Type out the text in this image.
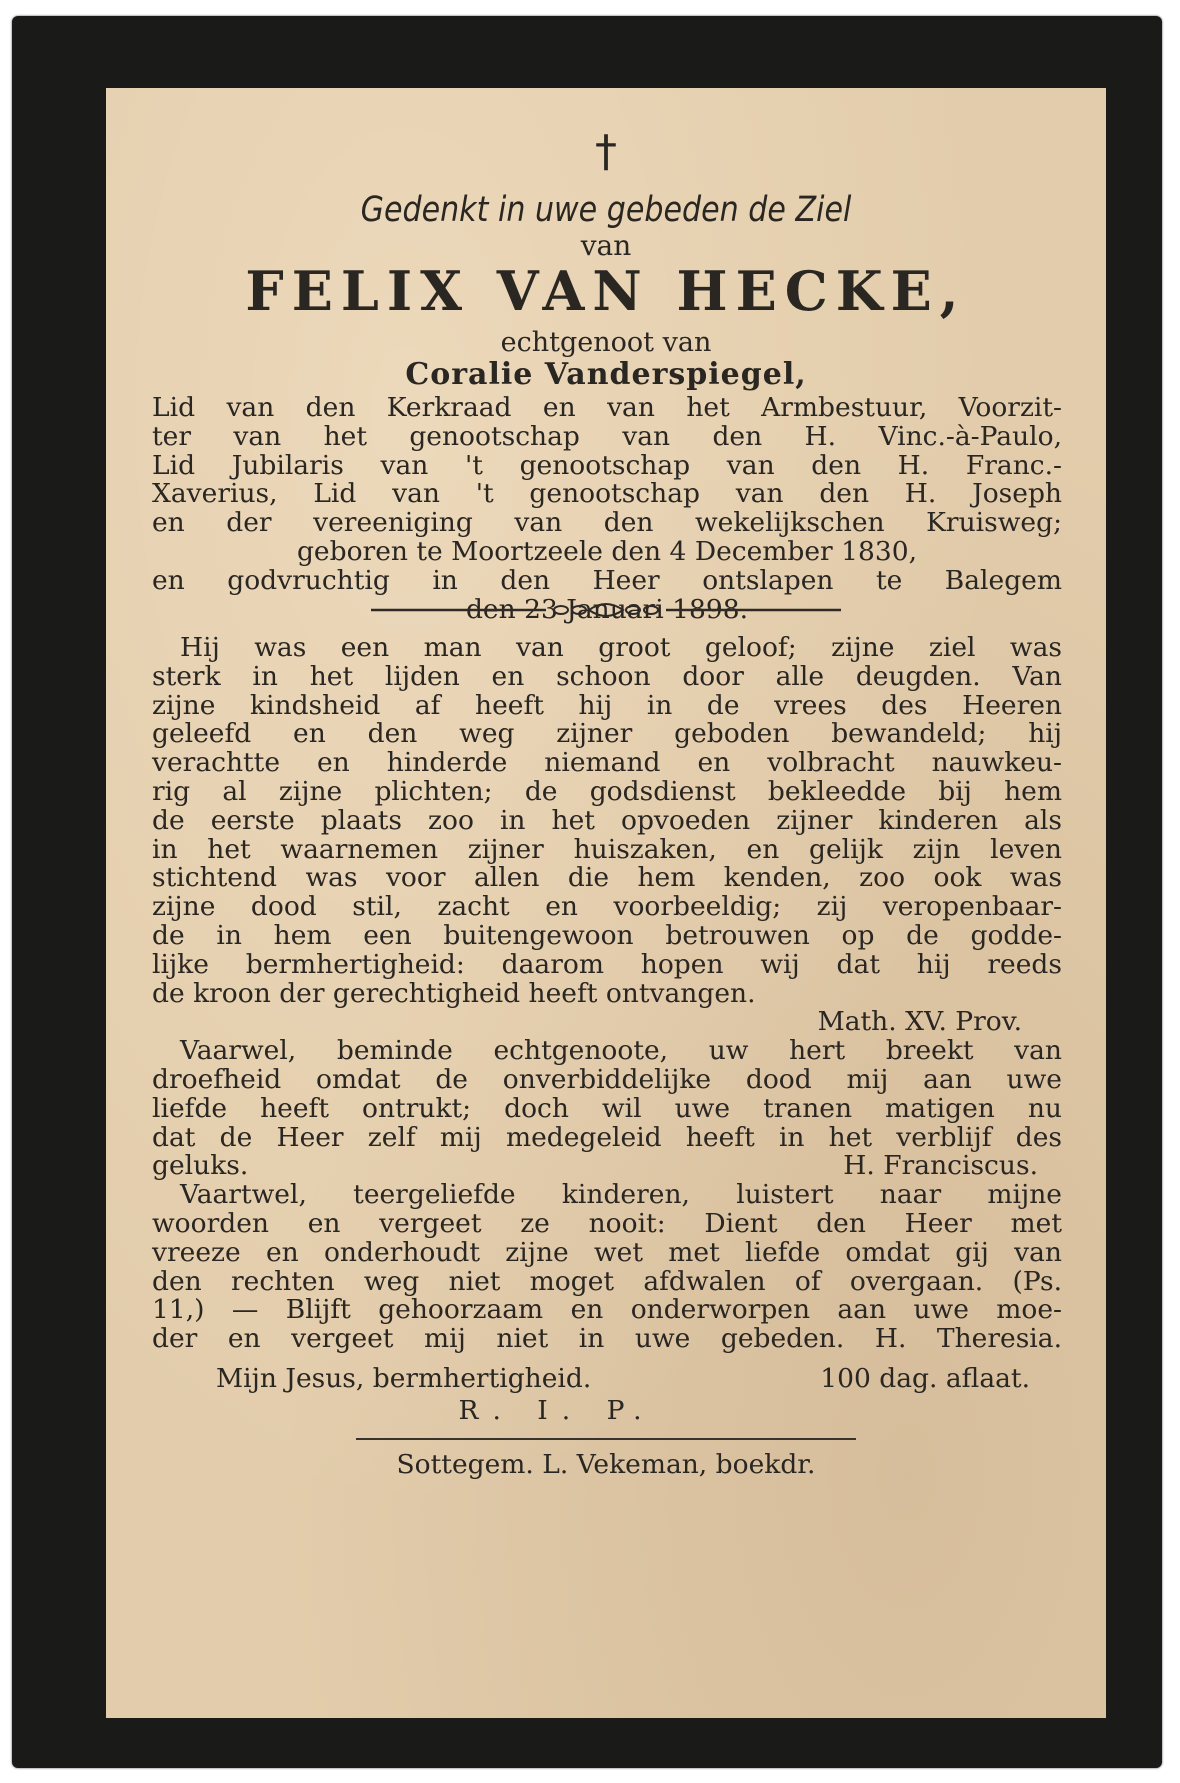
†
Gedenkt in uwe gebeden de Ziel
van
FELIX VAN HECKE,
echtgenoot van
Coralie Vanderspiegel,
Lid van den Kerkraad en van het Armbestuur, Voorzit-
ter van het genootschap van den H. Vinc.-à-Paulo,
Lid Jubilaris van 't genootschap van den H. Franc.-
Xaverius, Lid van 't genootschap van den H. Joseph
en der vereeniging van den wekelijkschen Kruisweg;
geboren te Moortzeele den 4 December 1830,
en godvruchtig in den Heer ontslapen te Balegem
den 23 Januari 1898.
Hij was een man van groot geloof; zijne ziel was
sterk in het lijden en schoon door alle deugden. Van
zijne kindsheid af heeft hij in de vrees des Heeren
geleefd en den weg zijner geboden bewandeld; hij
verachtte en hinderde niemand en volbracht nauwkeu-
rig al zijne plichten; de godsdienst bekleedde bij hem
de eerste plaats zoo in het opvoeden zijner kinderen als
in het waarnemen zijner huiszaken, en gelijk zijn leven
stichtend was voor allen die hem kenden, zoo ook was
zijne dood stil, zacht en voorbeeldig; zij veropenbaar-
de in hem een buitengewoon betrouwen op de godde-
lijke bermhertigheid: daarom hopen wij dat hij reeds
de kroon der gerechtigheid heeft ontvangen.
Math. XV. Prov.
Vaarwel, beminde echtgenoote, uw hert breekt van
droefheid omdat de onverbiddelijke dood mij aan uwe
liefde heeft ontrukt; doch wil uwe tranen matigen nu
dat de Heer zelf mij medegeleid heeft in het verblijf des
geluks.	H. Franciscus.
Vaartwel, teergeliefde kinderen, luistert naar mijne
woorden en vergeet ze nooit: Dient den Heer met
vreeze en onderhoudt zijne wet met liefde omdat gij van
den rechten weg niet moget afdwalen of overgaan. (Ps.
11,) — Blijft gehoorzaam en onderworpen aan uwe moe-
der en vergeet mij niet in uwe gebeden. H. Theresia.
Mijn Jesus, bermhertigheid.	100 dag. aflaat.
R. I. P.
Sottegem. L. Vekeman, boekdr.
